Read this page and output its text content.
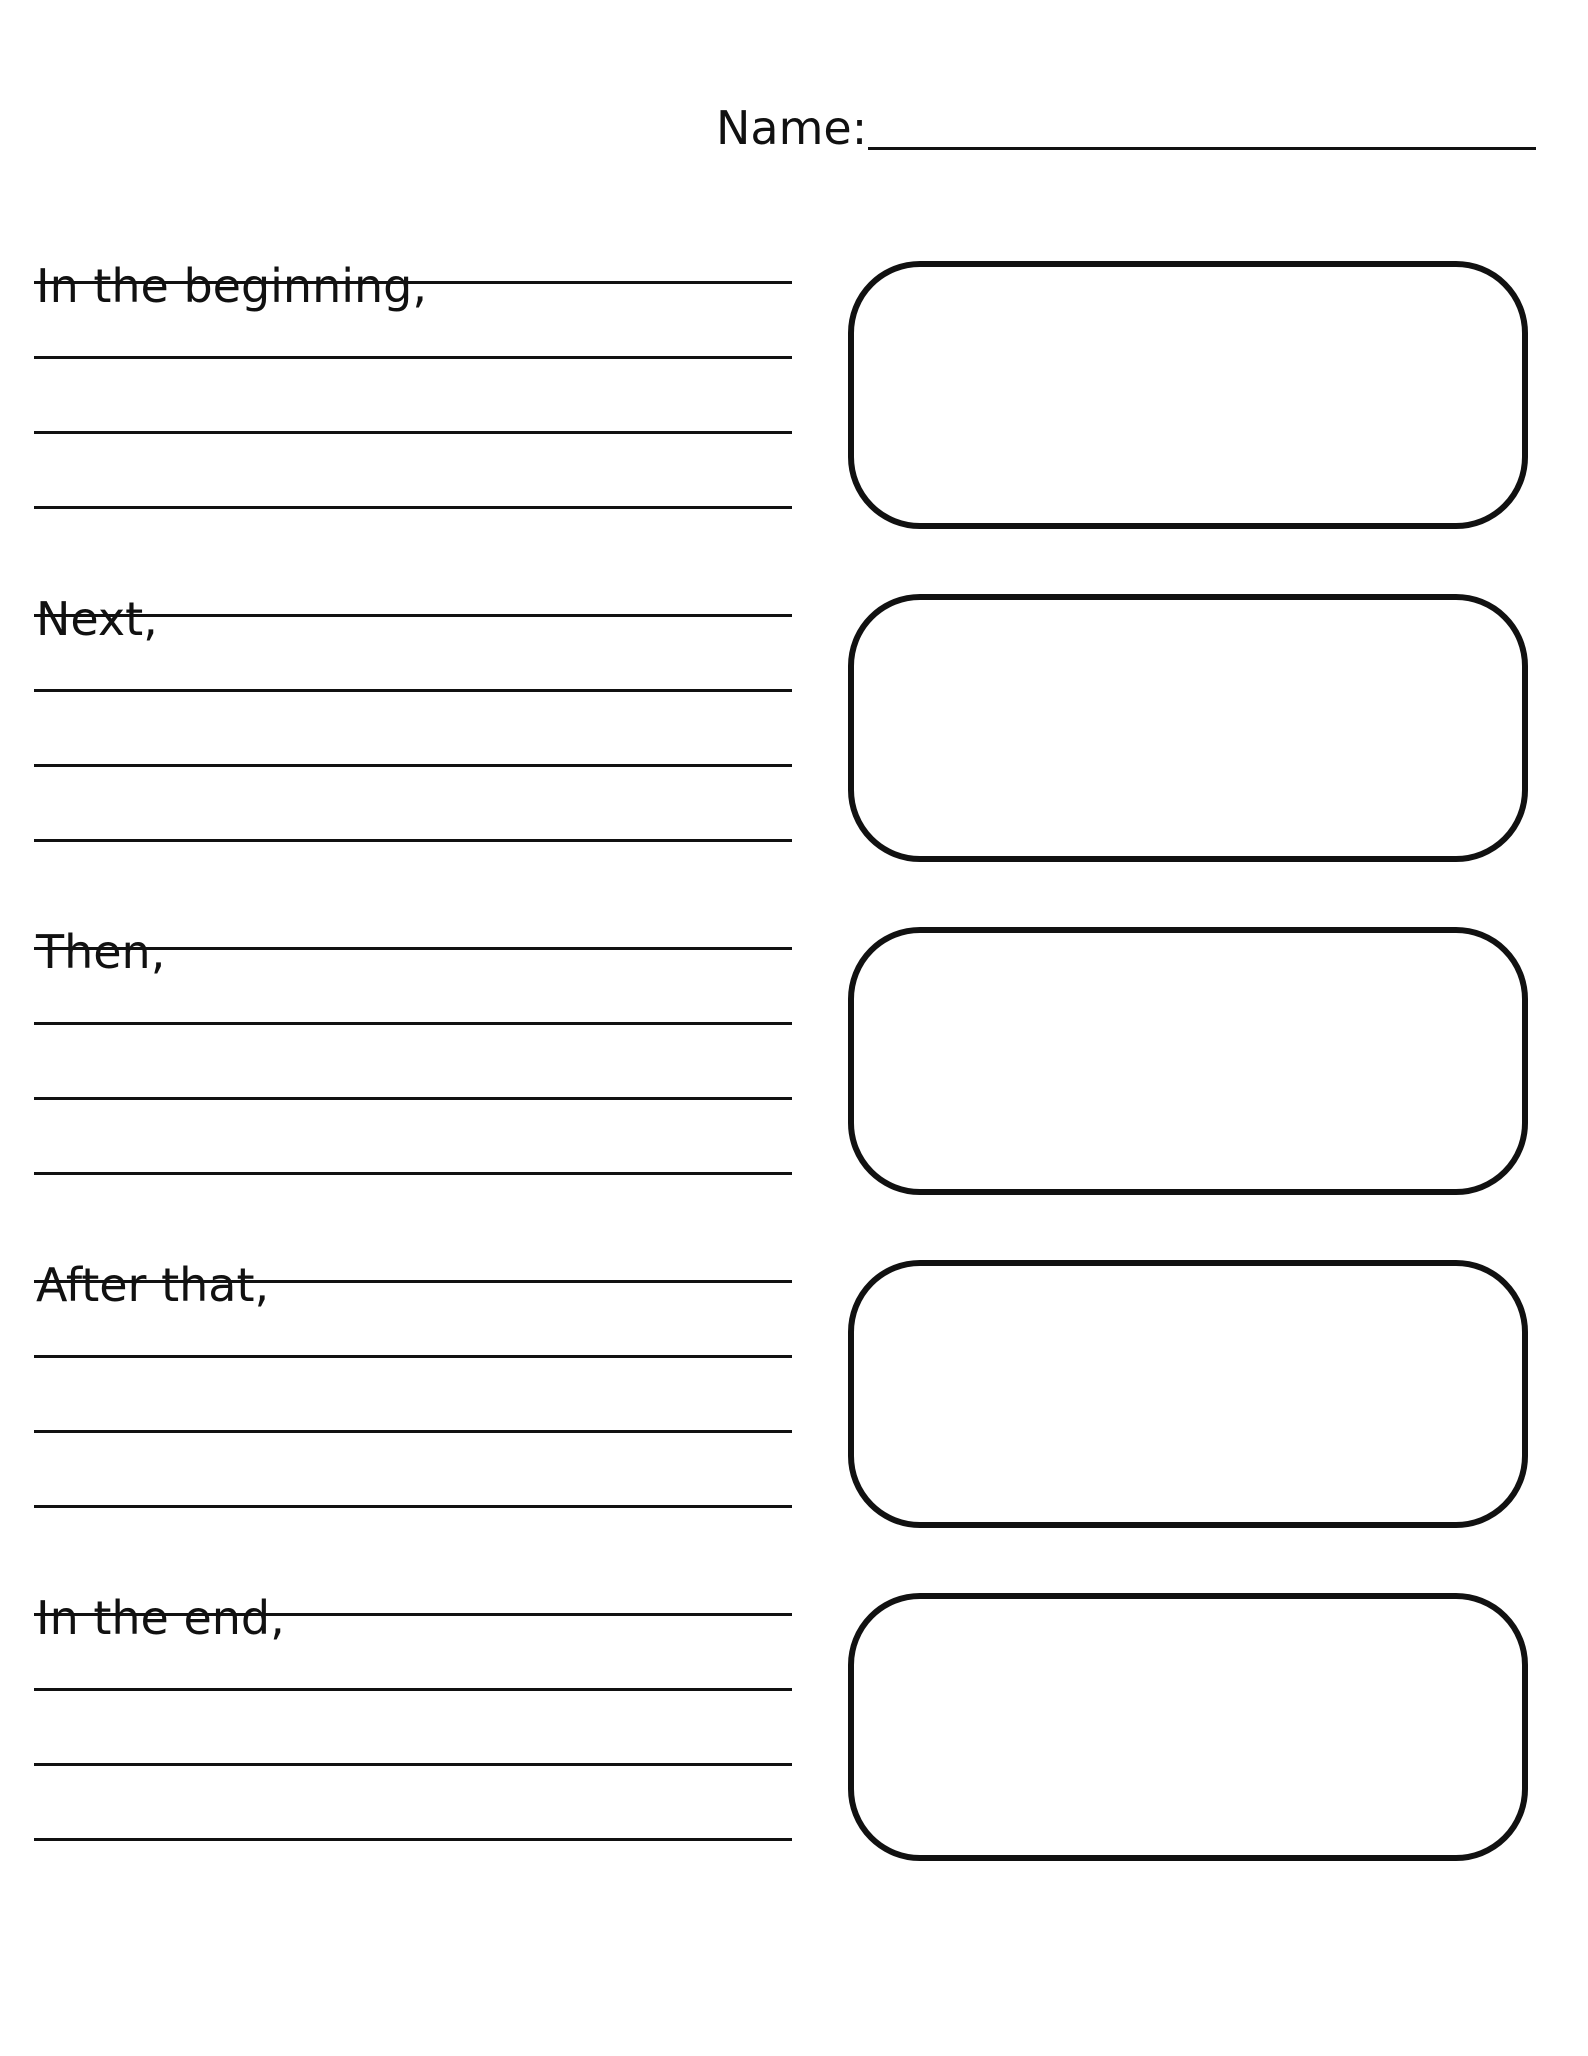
Name:
In the beginning,
Next,
Then,
After that,
In the end,
